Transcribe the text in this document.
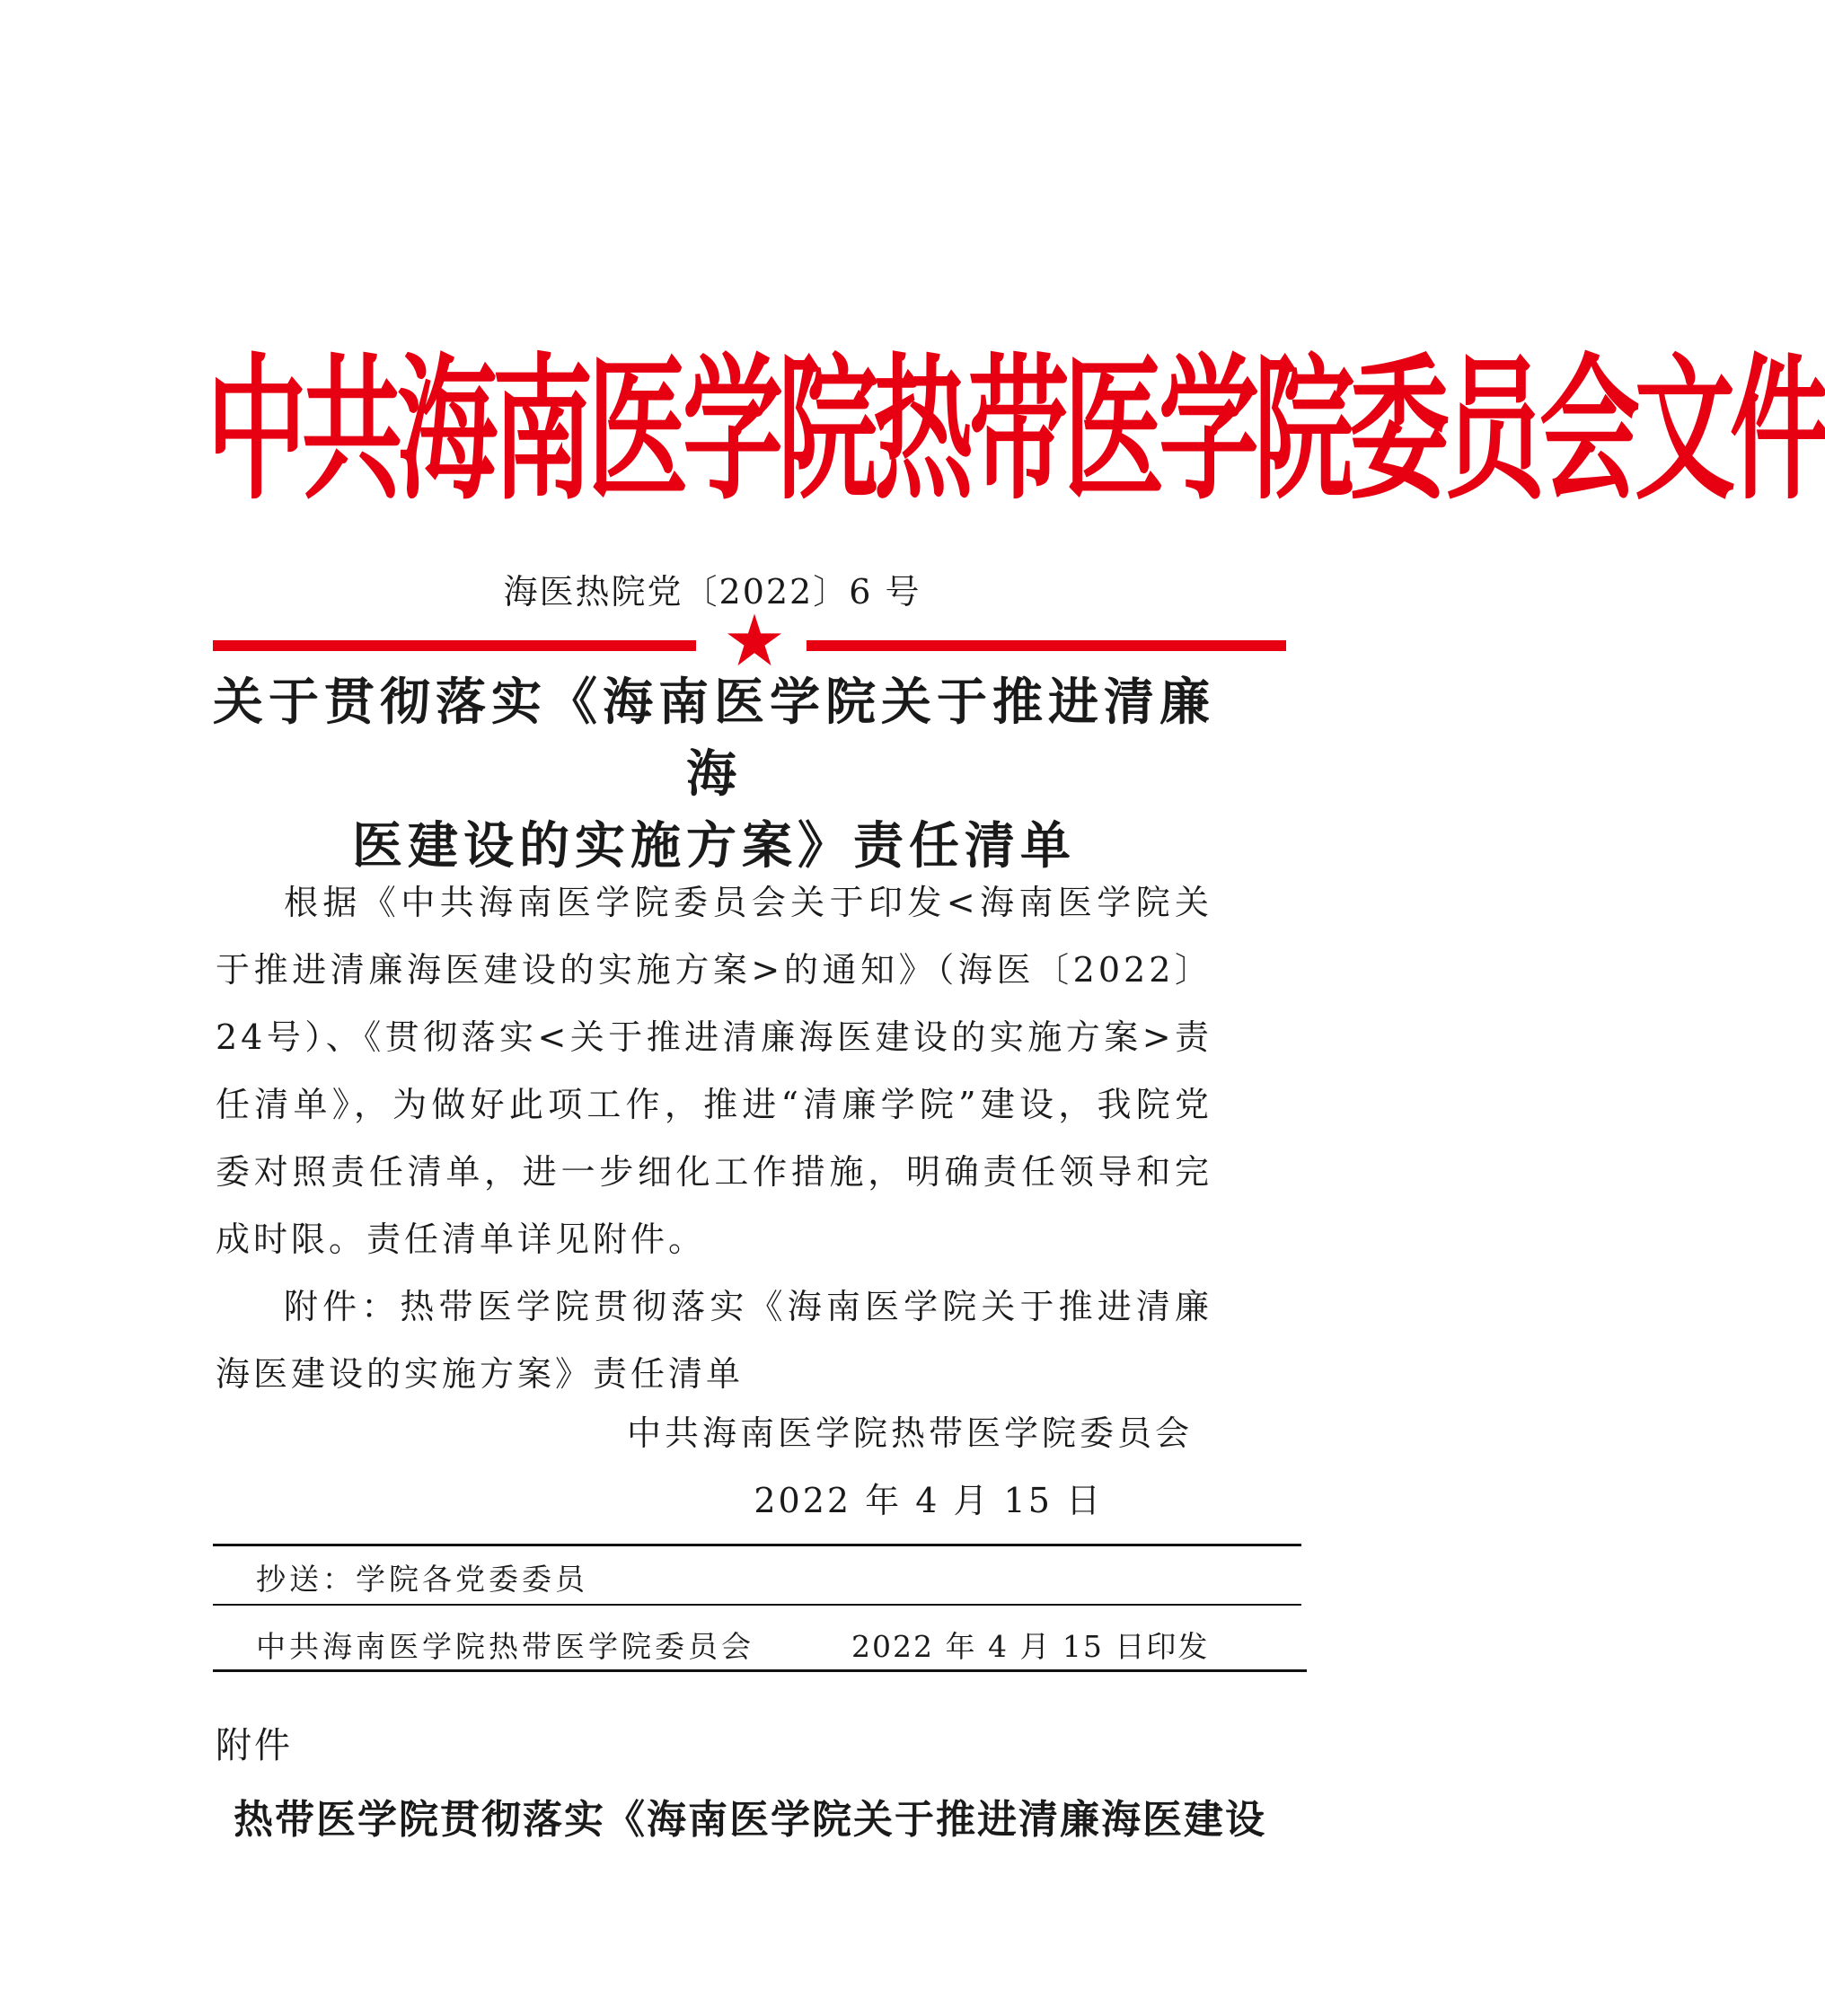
中共海南医学院热带医学院委员会文件
海医热院党〔2022〕6 号
关于贯彻落实《海南医学院关于推进清廉海
医建设的实施方案》责任清单

根据《中共海南医学院委员会关于印发<海南医学院关于推进清廉海医建设的实施方案>的通知》（海医〔2022〕24号）、《贯彻落实<关于推进清廉海医建设的实施方案>责任清单》，为做好此项工作，推进“清廉学院”建设，我院党委对照责任清单，进一步细化工作措施，明确责任领导和完成时限。责任清单详见附件。

附件：热带医学院贯彻落实《海南医学院关于推进清廉海医建设的实施方案》责任清单

中共海南医学院热带医学院委员会
2022 年 4 月 15 日
抄送：学院各党委委员
中共海南医学院热带医学院委员会	2022 年 4 月 15 日印发
附件
热带医学院贯彻落实《海南医学院关于推进清廉海医建设
